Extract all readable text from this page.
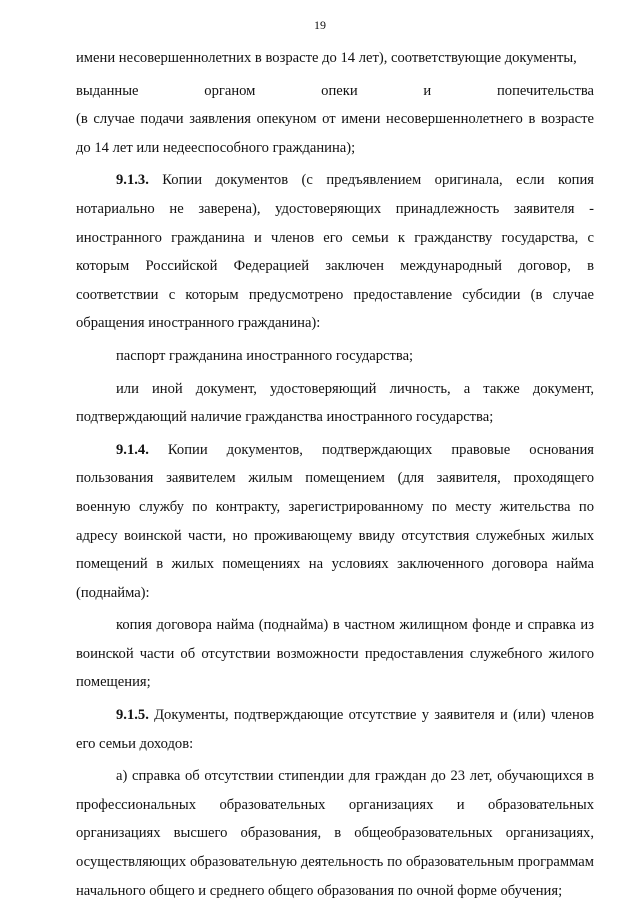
19

имени несовершеннолетних в возрасте до 14 лет), соответствующие документы,

выданные органом опеки и попечительства

(в случае подачи заявления опекуном от имени несовершеннолетнего в возрасте до 14 лет или недееспособного гражданина);

9.1.3. Копии документов (с предъявлением оригинала, если копия нотариально не заверена), удостоверяющих принадлежность заявителя - иностранного гражданина и членов его семьи к гражданству государства, с которым Российской Федерацией заключен международный договор, в соответствии с которым предусмотрено предоставление субсидии (в случае обращения иностранного гражданина):

паспорт гражданина иностранного государства;

или иной документ, удостоверяющий личность, а также документ, подтверждающий наличие гражданства иностранного государства;

9.1.4. Копии документов, подтверждающих правовые основания пользования заявителем жилым помещением (для заявителя, проходящего военную службу по контракту, зарегистрированному по месту жительства по адресу воинской части, но проживающему ввиду отсутствия служебных жилых помещений в жилых помещениях на условиях заключенного договора найма (поднайма):

копия договора найма (поднайма) в частном жилищном фонде и справка из воинской части об отсутствии возможности предоставления служебного жилого помещения;

9.1.5. Документы, подтверждающие отсутствие у заявителя и (или) членов его семьи доходов:

а) справка об отсутствии стипендии для граждан до 23 лет, обучающихся в профессиональных образовательных организациях и образовательных организациях высшего образования, в общеобразовательных организациях, осуществляющих образовательную деятельность по образовательным программам начального общего и среднего общего образования по очной форме обучения;
